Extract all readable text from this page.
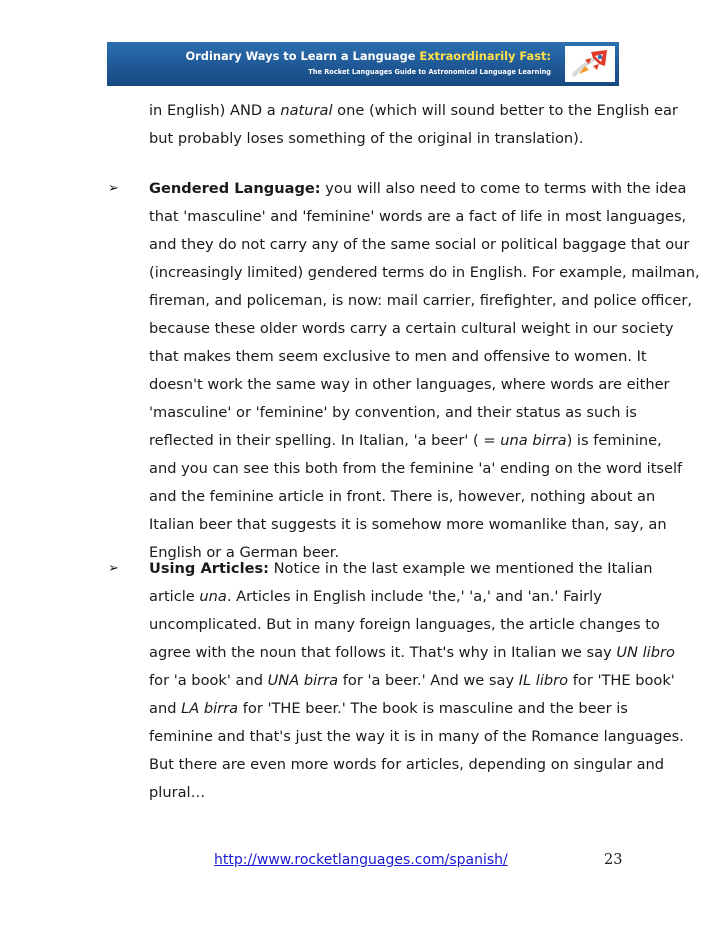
Ordinary Ways to Learn a Language Extraordinarily Fast:
The Rocket Languages Guide to Astronomical Language Learning
in English) AND a natural one (which will sound better to the English ear
but probably loses something of the original in translation).
➢	Gendered Language: you will also need to come to terms with the idea
that 'masculine' and 'feminine' words are a fact of life in most languages,
and they do not carry any of the same social or political baggage that our
(increasingly limited) gendered terms do in English. For example, mailman,
fireman, and policeman, is now: mail carrier, firefighter, and police officer,
because these older words carry a certain cultural weight in our society
that makes them seem exclusive to men and offensive to women. It
doesn't work the same way in other languages, where words are either
'masculine' or 'feminine' by convention, and their status as such is
reflected in their spelling. In Italian, 'a beer' ( = una birra) is feminine,
and you can see this both from the feminine 'a' ending on the word itself
and the feminine article in front. There is, however, nothing about an
Italian beer that suggests it is somehow more womanlike than, say, an
English or a German beer.
➢	Using Articles: Notice in the last example we mentioned the Italian
article una. Articles in English include 'the,' 'a,' and 'an.' Fairly
uncomplicated. But in many foreign languages, the article changes to
agree with the noun that follows it. That's why in Italian we say UN libro
for 'a book' and UNA birra for 'a beer.' And we say IL libro for 'THE book'
and LA birra for 'THE beer.' The book is masculine and the beer is
feminine and that's just the way it is in many of the Romance languages.
But there are even more words for articles, depending on singular and
plural…
http://www.rocketlanguages.com/spanish/	23
